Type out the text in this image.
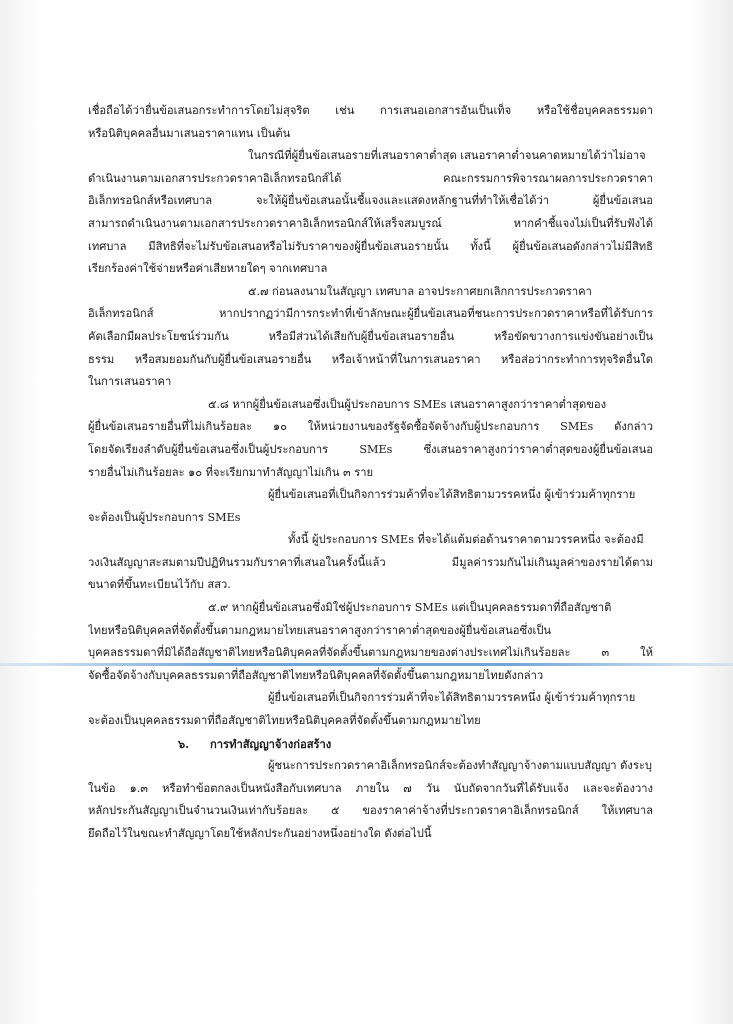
เชื่อถือได้ว่ายื่นข้อเสนอกระทำการโดยไม่สุจริต เช่น การเสนอเอกสารอันเป็นเท็จ หรือใช้ชื่อบุคคลธรรมดา
หรือนิติบุคคลอื่นมาเสนอราคาแทน เป็นต้น
ในกรณีที่ผู้ยื่นข้อเสนอรายที่เสนอราคาต่ำสุด เสนอราคาต่ำจนคาดหมายได้ว่าไม่อาจ
ดำเนินงานตามเอกสารประกวดราคาอิเล็กทรอนิกส์ได้ คณะกรรมการพิจารณาผลการประกวดราคา
อิเล็กทรอนิกส์หรือเทศบาล จะให้ผู้ยื่นข้อเสนอนั้นชี้แจงและแสดงหลักฐานที่ทำให้เชื่อได้ว่า ผู้ยื่นข้อเสนอ
สามารถดำเนินงานตามเอกสารประกวดราคาอิเล็กทรอนิกส์ให้เสร็จสมบูรณ์ หากคำชี้แจงไม่เป็นที่รับฟังได้
เทศบาล มีสิทธิที่จะไม่รับข้อเสนอหรือไม่รับราคาของผู้ยื่นข้อเสนอรายนั้น ทั้งนี้ ผู้ยื่นข้อเสนอดังกล่าวไม่มีสิทธิ
เรียกร้องค่าใช้จ่ายหรือค่าเสียหายใดๆ จากเทศบาล
๕.๗ ก่อนลงนามในสัญญา เทศบาล อาจประกาศยกเลิกการประกวดราคา
อิเล็กทรอนิกส์ หากปรากฏว่ามีการกระทำที่เข้าลักษณะผู้ยื่นข้อเสนอที่ชนะการประกวดราคาหรือที่ได้รับการ
คัดเลือกมีผลประโยชน์ร่วมกัน หรือมีส่วนได้เสียกับผู้ยื่นข้อเสนอรายอื่น หรือขัดขวางการแข่งขันอย่างเป็น
ธรรม หรือสมยอมกันกับผู้ยื่นข้อเสนอรายอื่น หรือเจ้าหน้าที่ในการเสนอราคา หรือส่อว่ากระทำการทุจริตอื่นใด
ในการเสนอราคา
๕.๘ หากผู้ยื่นข้อเสนอซึ่งเป็นผู้ประกอบการ SMEs เสนอราคาสูงกว่าราคาต่ำสุดของ
ผู้ยื่นข้อเสนอรายอื่นที่ไม่เกินร้อยละ ๑๐ ให้หน่วยงานของรัฐจัดซื้อจัดจ้างกับผู้ประกอบการ SMEs ดังกล่าว
โดยจัดเรียงลำดับผู้ยื่นข้อเสนอซึ่งเป็นผู้ประกอบการ SMEs ซึ่งเสนอราคาสูงกว่าราคาต่ำสุดของผู้ยื่นข้อเสนอ
รายอื่นไม่เกินร้อยละ ๑๐ ที่จะเรียกมาทำสัญญาไม่เกิน ๓ ราย
ผู้ยื่นข้อเสนอที่เป็นกิจการร่วมค้าที่จะได้สิทธิตามวรรคหนึ่ง ผู้เข้าร่วมค้าทุกราย
จะต้องเป็นผู้ประกอบการ SMEs
ทั้งนี้ ผู้ประกอบการ SMEs ที่จะได้แต้มต่อด้านราคาตามวรรคหนึ่ง จะต้องมี
วงเงินสัญญาสะสมตามปีปฏิทินรวมกับราคาที่เสนอในครั้งนี้แล้ว มีมูลค่ารวมกันไม่เกินมูลค่าของรายได้ตาม
ขนาดที่ขึ้นทะเบียนไว้กับ สสว.
๕.๙ หากผู้ยื่นข้อเสนอซึ่งมิใช่ผู้ประกอบการ SMEs แต่เป็นบุคคลธรรมดาที่ถือสัญชาติ
ไทยหรือนิติบุคคลที่จัดตั้งขึ้นตามกฎหมายไทยเสนอราคาสูงกว่าราคาต่ำสุดของผู้ยื่นข้อเสนอซึ่งเป็น
บุคคลธรรมดาที่มิได้ถือสัญชาติไทยหรือนิติบุคคลที่จัดตั้งขึ้นตามกฎหมายของต่างประเทศไม่เกินร้อยละ ๓ ให้
จัดซื้อจัดจ้างกับบุคคลธรรมดาที่ถือสัญชาติไทยหรือนิติบุคคลที่จัดตั้งขึ้นตามกฎหมายไทยดังกล่าว
ผู้ยื่นข้อเสนอที่เป็นกิจการร่วมค้าที่จะได้สิทธิตามวรรคหนึ่ง ผู้เข้าร่วมค้าทุกราย
จะต้องเป็นบุคคลธรรมดาที่ถือสัญชาติไทยหรือนิติบุคคลที่จัดตั้งขึ้นตามกฎหมายไทย
๖. การทำสัญญาจ้างก่อสร้าง
ผู้ชนะการประกวดราคาอิเล็กทรอนิกส์จะต้องทำสัญญาจ้างตามแบบสัญญา ดังระบุ
ในข้อ ๑.๓ หรือทำข้อตกลงเป็นหนังสือกับเทศบาล ภายใน ๗ วัน นับถัดจากวันที่ได้รับแจ้ง และจะต้องวาง
หลักประกันสัญญาเป็นจำนวนเงินเท่ากับร้อยละ ๕ ของราคาค่าจ้างที่ประกวดราคาอิเล็กทรอนิกส์ ให้เทศบาล
ยึดถือไว้ในขณะทำสัญญาโดยใช้หลักประกันอย่างหนึ่งอย่างใด ดังต่อไปนี้
